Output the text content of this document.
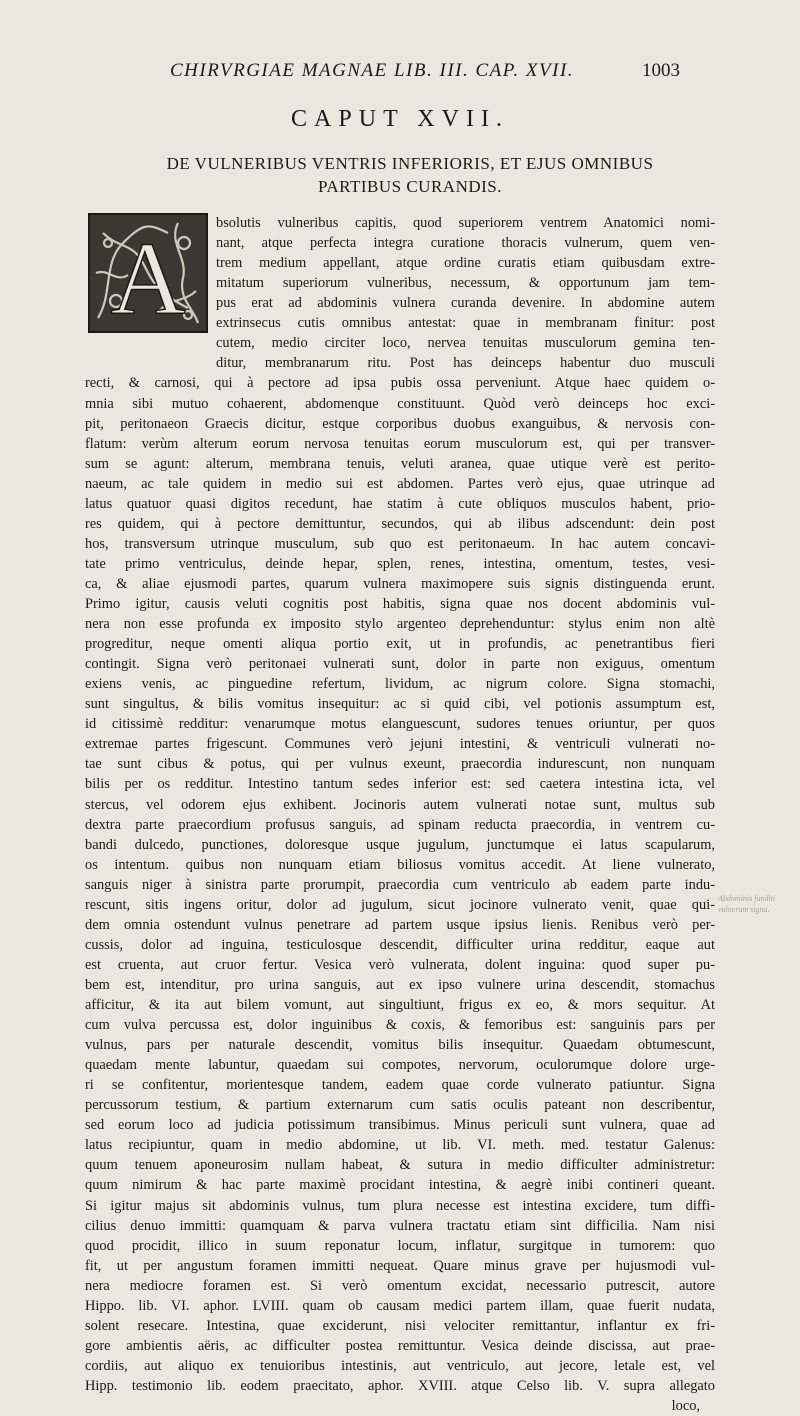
CHIRVRGIAE MAGNAE LIB. III. CAP. XVII.	1003
CAPUT XVII.
DE VULNERIBUS VENTRIS INFERIORIS, ET EJUS OMNIBUS
PARTIBUS CURANDIS.
A
Abdominis funditi vulnerum signa.
bsolutis vulneribus capitis, quod superiorem ventrem Anatomici nomi-
nant, atque perfecta integra curatione thoracis vulnerum, quem ven-
trem medium appellant, atque ordine curatis etiam quibusdam extre-
mitatum superiorum vulneribus, necessum, & opportunum jam tem-
pus erat ad abdominis vulnera curanda devenire. In abdomine autem
extrinsecus cutis omnibus antestat: quae in membranam finitur: post
cutem, medio circiter loco, nervea tenuitas musculorum gemina ten-
ditur, membranarum ritu. Post has deinceps habentur duo musculi
recti, & carnosi, qui à pectore ad ipsa pubis ossa perveniunt. Atque haec quidem o-
mnia sibi mutuo cohaerent, abdomenque constituunt. Quòd verò deinceps hoc exci-
pit, peritonaeon Graecis dicitur, estque corporibus duobus exanguibus, & nervosis con-
flatum: verùm alterum eorum nervosa tenuitas eorum musculorum est, qui per transver-
sum se agunt: alterum, membrana tenuis, veluti aranea, quae utique verè est perito-
naeum, ac tale quidem in medio sui est abdomen. Partes verò ejus, quae utrinque ad
latus quatuor quasi digitos recedunt, hae statim à cute obliquos musculos habent, prio-
res quidem, qui à pectore demittuntur, secundos, qui ab ilibus adscendunt: dein post
hos, transversum utrinque musculum, sub quo est peritonaeum. In hac autem concavi-
tate primo ventriculus, deinde hepar, splen, renes, intestina, omentum, testes, vesi-
ca, & aliae ejusmodi partes, quarum vulnera maximopere suis signis distinguenda erunt.
Primo igitur, causis veluti cognitis post habitis, signa quae nos docent abdominis vul-
nera non esse profunda ex imposito stylo argenteo deprehenduntur: stylus enim non altè
progreditur, neque omenti aliqua portio exit, ut in profundis, ac penetrantibus fieri
contingit. Signa verò peritonaei vulnerati sunt, dolor in parte non exiguus, omentum
exiens venis, ac pinguedine refertum, lividum, ac nigrum colore. Signa stomachi,
sunt singultus, & bilis vomitus insequitur: ac si quid cibi, vel potionis assumptum est,
id citissimè redditur: venarumque motus elanguescunt, sudores tenues oriuntur, per quos
extremae partes frigescunt. Communes verò jejuni intestini, & ventriculi vulnerati no-
tae sunt cibus & potus, qui per vulnus exeunt, praecordia indurescunt, non nunquam
bilis per os redditur. Intestino tantum sedes inferior est: sed caetera intestina icta, vel
stercus, vel odorem ejus exhibent. Jocinoris autem vulnerati notae sunt, multus sub
dextra parte praecordium profusus sanguis, ad spinam reducta praecordia, in ventrem cu-
bandi dulcedo, punctiones, doloresque usque jugulum, junctumque ei latus scapularum,
os intentum. quibus non nunquam etiam biliosus vomitus accedit. At liene vulnerato,
sanguis niger à sinistra parte prorumpit, praecordia cum ventriculo ab eadem parte indu-
rescunt, sitis ingens oritur, dolor ad jugulum, sicut jocinore vulnerato venit, quae qui-
dem omnia ostendunt vulnus penetrare ad partem usque ipsius lienis. Renibus verò per-
cussis, dolor ad inguina, testiculosque descendit, difficulter urina redditur, eaque aut
est cruenta, aut cruor fertur. Vesica verò vulnerata, dolent inguina: quod super pu-
bem est, intenditur, pro urina sanguis, aut ex ipso vulnere urina descendit, stomachus
afficitur, & ita aut bilem vomunt, aut singultiunt, frigus ex eo, & mors sequitur. At
cum vulva percussa est, dolor inguinibus & coxis, & femoribus est: sanguinis pars per
vulnus, pars per naturale descendit, vomitus bilis insequitur. Quaedam obtumescunt,
quaedam mente labuntur, quaedam sui compotes, nervorum, oculorumque dolore urge-
ri se confitentur, morientesque tandem, eadem quae corde vulnerato patiuntur. Signa
percussorum testium, & partium externarum cum satis oculis pateant non describentur,
sed eorum loco ad judicia potissimum transibimus. Minus periculi sunt vulnera, quae ad
latus recipiuntur, quam in medio abdomine, ut lib. VI. meth. med. testatur Galenus:
quum tenuem aponeurosim nullam habeat, & sutura in medio difficulter administretur:
quum nimirum & hac parte maximè procidant intestina, & aegrè inibi contineri queant.
Si igitur majus sit abdominis vulnus, tum plura necesse est intestina excidere, tum diffi-
cilius denuo immitti: quamquam & parva vulnera tractatu etiam sint difficilia. Nam nisi
quod procidit, illico in suum reponatur locum, inflatur, surgitque in tumorem: quo
fit, ut per angustum foramen immitti nequeat. Quare minus grave per hujusmodi vul-
nera mediocre foramen est. Si verò omentum excidat, necessario putrescit, autore
Hippo. lib. VI. aphor. LVIII. quam ob causam medici partem illam, quae fuerit nudata,
solent resecare. Intestina, quae exciderunt, nisi velociter remittantur, inflantur ex fri-
gore ambientis aëris, ac difficulter postea remittuntur. Vesica deinde discissa, aut prae-
cordiis, aut aliquo ex tenuioribus intestinis, aut ventriculo, aut jecore, letale est, vel
Hipp. testimonio lib. eodem praecitato, aphor. XVIII. atque Celso lib. V. supra allegato
loco,
